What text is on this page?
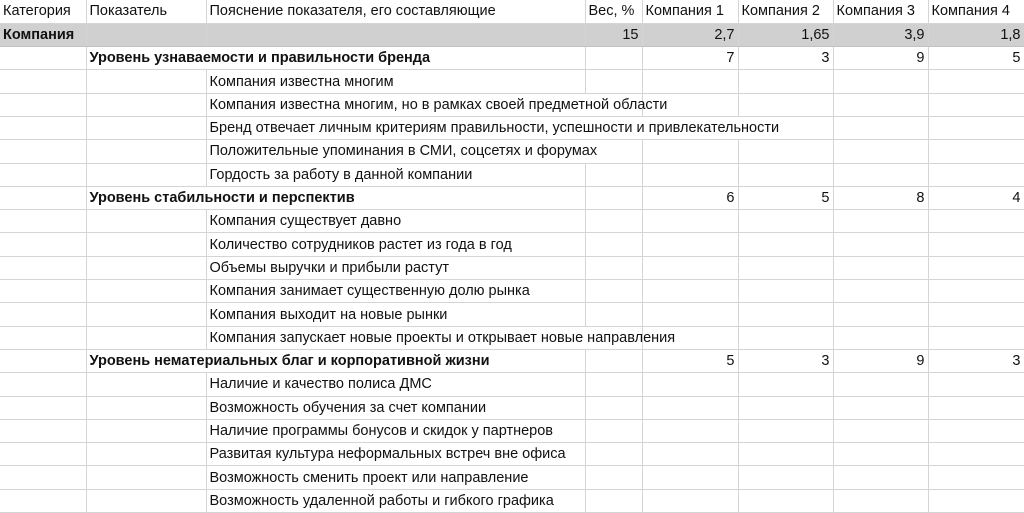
Категория	Показатель	Пояснение показателя, его составляющие	Вес, %	Компания 1	Компания 2	Компания 3	Компания 4
Компания			15	2,7	1,65	3,9	1,8
	Уровень узнаваемости и правильности бренда			7	3	9	5
		Компания известна многим					
		Компания известна многим, но в рамках своей предметной области					
		Бренд отвечает личным критериям правильности, успешности и привлекательности					
		Положительные упоминания в СМИ, соцсетях и форумах					
		Гордость за работу в данной компании					
	Уровень стабильности и перспектив			6	5	8	4
		Компания существует давно					
		Количество сотрудников растет из года в год					
		Объемы выручки и прибыли растут					
		Компания занимает существенную долю рынка					
		Компания выходит на новые рынки					
		Компания запускает новые проекты и открывает новые направления					
	Уровень нематериальных благ и корпоративной жизни			5	3	9	3
		Наличие и качество полиса ДМС					
		Возможность обучения за счет компании					
		Наличие программы бонусов и скидок у партнеров					
		Развитая культура неформальных встреч вне офиса					
		Возможность сменить проект или направление					
		Возможность удаленной работы и гибкого графика					
